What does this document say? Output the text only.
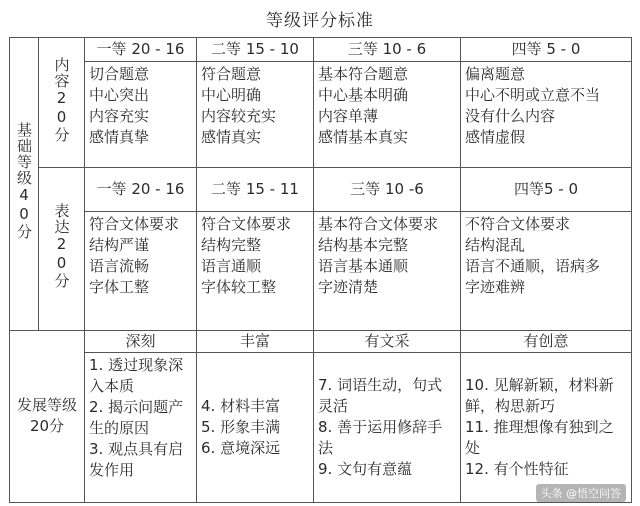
等级评分标准
基础等级40分	内容20分	一等 20 - 16	二等 15 - 10	三等 10 - 6	四等 5 - 0

		切合题意
中心突出
内容充实
感情真挚	符合题意
中心明确
内容较充实
感情真实	基本符合题意
中心基本明确
内容单薄
感情基本真实	偏离题意
中心不明或立意不当
没有什么内容
感情虚假

	表达20分	一等 20 - 16	二等 15 - 11	三等 10 -6	四等5 - 0

		符合文体要求
结构严谨
语言流畅
字体工整	符合文体要求
结构完整
语言通顺
字体较工整	基本符合文体要求
结构基本完整
语言基本通顺
字迹清楚	不符合文体要求
结构混乱
语言不通顺，语病多
字迹难辨

发展等级20分		深刻	丰富	有文采	有创意

		1. 透过现象深入本质
2. 揭示问题产生的原因
3. 观点具有启发作用	4. 材料丰富
5. 形象丰满
6. 意境深远	7. 词语生动，句式灵活
8. 善于运用修辞手法
9. 文句有意蕴	10. 见解新颖，材料新鲜，构思新巧
11. 推理想像有独到之处
12. 有个性特征
头条 @悟空问答
